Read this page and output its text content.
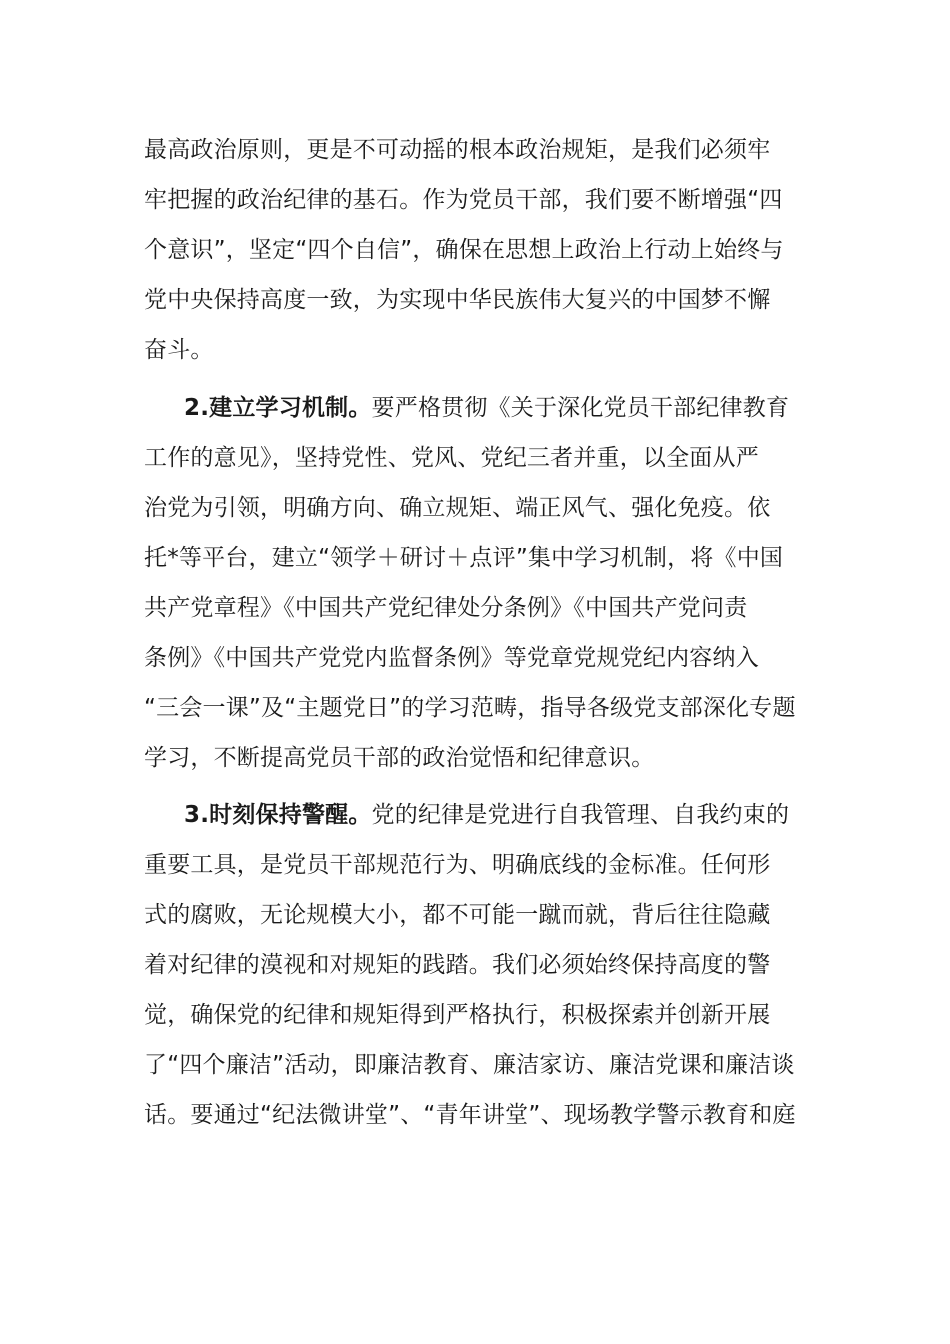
最高政治原则，更是不可动摇的根本政治规矩，是我们必须牢
牢把握的政治纪律的基石。作为党员干部，我们要不断增强“四
个意识”，坚定“四个自信”，确保在思想上政治上行动上始终与
党中央保持高度一致，为实现中华民族伟大复兴的中国梦不懈
奋斗。
2.建立学习机制。要严格贯彻《关于深化党员干部纪律教育
工作的意见》，坚持党性、党风、党纪三者并重，以全面从严
治党为引领，明确方向、确立规矩、端正风气、强化免疫。依
托*等平台，建立“领学＋研讨＋点评”集中学习机制，将《中国
共产党章程》《中国共产党纪律处分条例》《中国共产党问责
条例》《中国共产党党内监督条例》等党章党规党纪内容纳入
“三会一课”及“主题党日”的学习范畴，指导各级党支部深化专题
学习，不断提高党员干部的政治觉悟和纪律意识。
3.时刻保持警醒。党的纪律是党进行自我管理、自我约束的
重要工具，是党员干部规范行为、明确底线的金标准。任何形
式的腐败，无论规模大小，都不可能一蹴而就，背后往往隐藏
着对纪律的漠视和对规矩的践踏。我们必须始终保持高度的警
觉，确保党的纪律和规矩得到严格执行，积极探索并创新开展
了“四个廉洁”活动，即廉洁教育、廉洁家访、廉洁党课和廉洁谈
话。要通过“纪法微讲堂”、“青年讲堂”、现场教学警示教育和庭
